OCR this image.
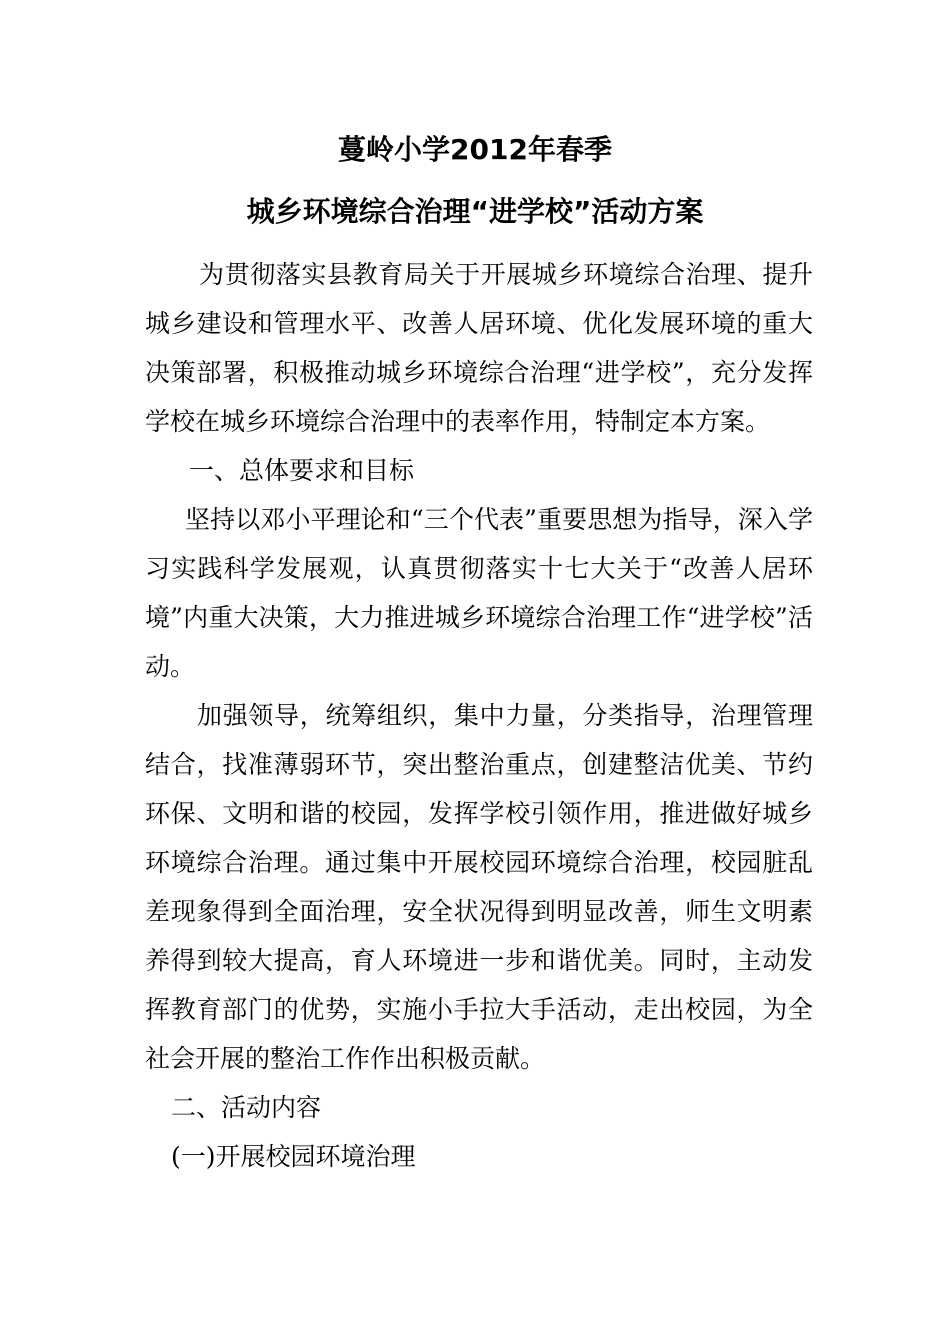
蔓岭小学2012年春季
城乡环境综合治理“进学校”活动方案

为贯彻落实县教育局关于开展城乡环境综合治理、提升城乡建设和管理水平、改善人居环境、优化发展环境的重大决策部署，积极推动城乡环境综合治理“进学校”，充分发挥学校在城乡环境综合治理中的表率作用，特制定本方案。

一、总体要求和目标

坚持以邓小平理论和“三个代表”重要思想为指导，深入学习实践科学发展观，认真贯彻落实十七大关于“改善人居环境”内重大决策，大力推进城乡环境综合治理工作“进学校”活动。

加强领导，统筹组织，集中力量，分类指导，治理管理结合，找准薄弱环节，突出整治重点，创建整洁优美、节约环保、文明和谐的校园，发挥学校引领作用，推进做好城乡环境综合治理。通过集中开展校园环境综合治理，校园脏乱差现象得到全面治理，安全状况得到明显改善，师生文明素养得到较大提高，育人环境进一步和谐优美。同时，主动发挥教育部门的优势，实施小手拉大手活动，走出校园，为全社会开展的整治工作作出积极贡献。

二、活动内容

(一)开展校园环境治理
